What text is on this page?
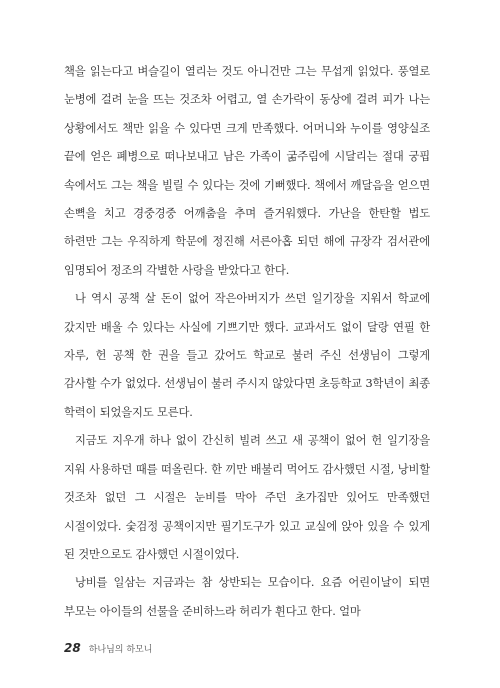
책을 읽는다고 벼슬길이 열리는 것도 아니건만 그는 무섭게 읽었다. 풍열로 눈병에 걸려 눈을 뜨는 것조차 어렵고, 열 손가락이 동상에 걸려 피가 나는 상황에서도 책만 읽을 수 있다면 크게 만족했다. 어머니와 누이를 영양실조 끝에 얻은 폐병으로 떠나보내고 남은 가족이 굶주림에 시달리는 절대 궁핍 속에서도 그는 책을 빌릴 수 있다는 것에 기뻐했다. 책에서 깨달음을 얻으면 손뼉을 치고 경중경중 어깨춤을 추며 즐거워했다. 가난을 한탄할 법도 하련만 그는 우직하게 학문에 정진해 서른아홉 되던 해에 규장각 검서관에 임명되어 정조의 각별한 사랑을 받았다고 한다.

나 역시 공책 살 돈이 없어 작은아버지가 쓰던 일기장을 지워서 학교에 갔지만 배울 수 있다는 사실에 기쁘기만 했다. 교과서도 없이 달랑 연필 한 자루, 헌 공책 한 권을 들고 갔어도 학교로 불러 주신 선생님이 그렇게 감사할 수가 없었다. 선생님이 불러 주시지 않았다면 초등학교 3학년이 최종 학력이 되었을지도 모른다.

지금도 지우개 하나 없이 간신히 빌려 쓰고 새 공책이 없어 헌 일기장을 지워 사용하던 때를 떠올린다. 한 끼만 배불리 먹어도 감사했던 시절, 낭비할 것조차 없던 그 시절은 눈비를 막아 주던 초가집만 있어도 만족했던 시절이었다. 숯검정 공책이지만 필기도구가 있고 교실에 앉아 있을 수 있게 된 것만으로도 감사했던 시절이었다.

낭비를 일삼는 지금과는 참 상반되는 모습이다. 요즘 어린이날이 되면 부모는 아이들의 선물을 준비하느라 허리가 휜다고 한다. 얼마

28 하나님의 하모니
